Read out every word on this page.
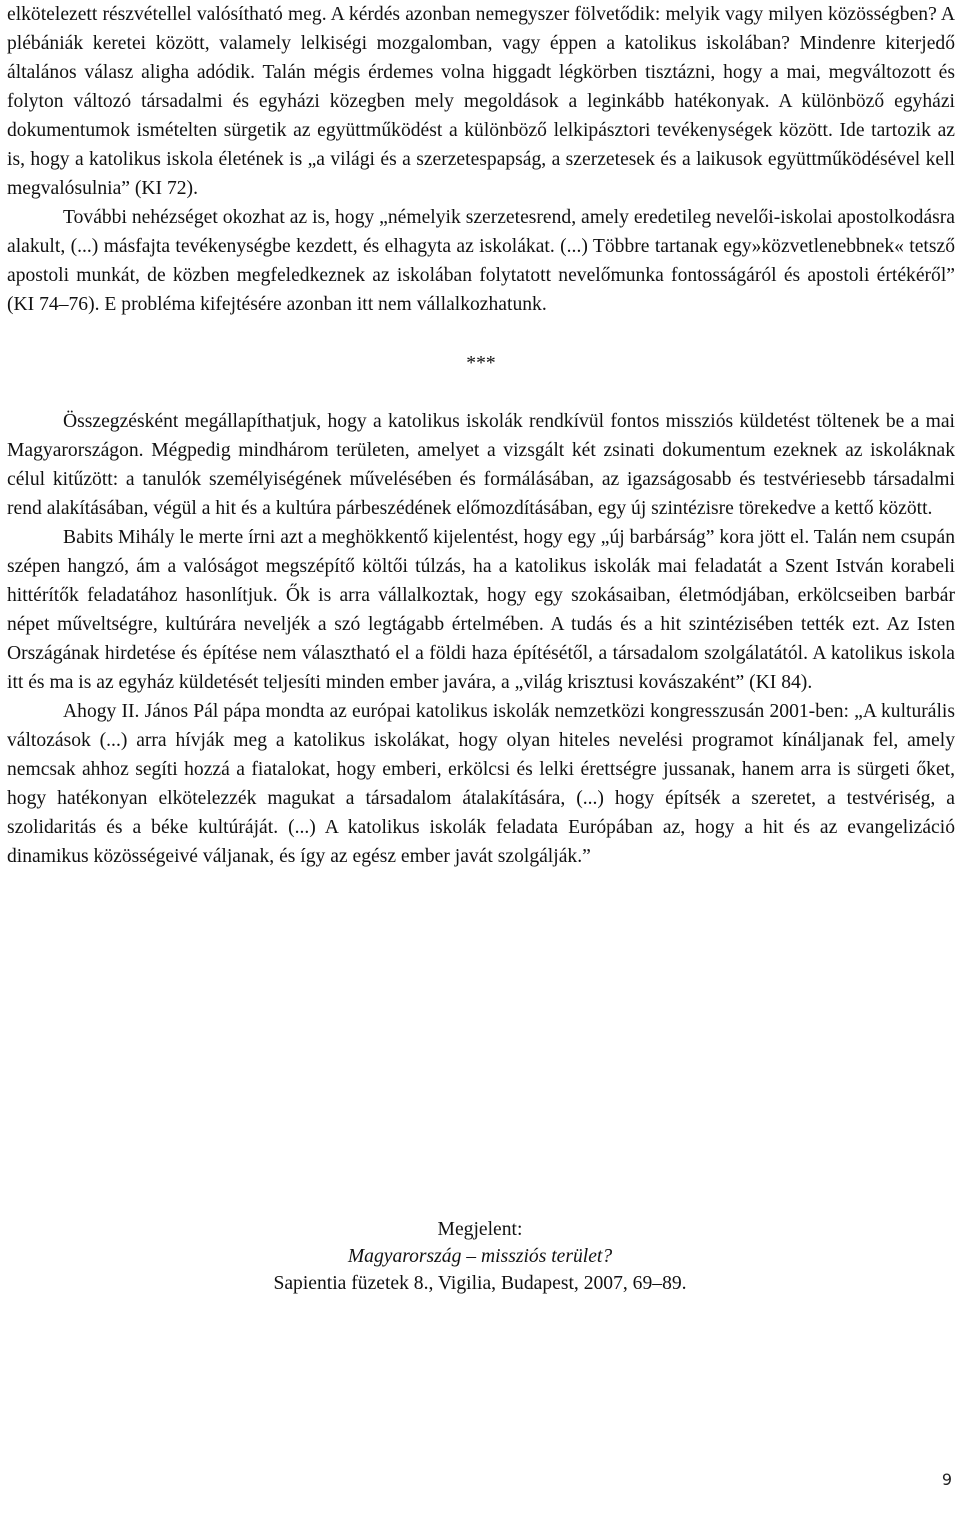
elkötelezett részvétellel valósítható meg. A kérdés azonban nemegyszer fölvetődik: melyik vagy milyen közösségben? A plébániák keretei között, valamely lelkiségi mozgalomban, vagy éppen a katolikus iskolában? Mindenre kiterjedő általános válasz aligha adódik. Talán mégis érdemes volna higgadt légkörben tisztázni, hogy a mai, megváltozott és folyton változó társadalmi és egyházi közegben mely megoldások a leginkább hatékonyak. A különböző egyházi dokumentumok ismételten sürgetik az együttműködést a különböző lelkipásztori tevékenységek között. Ide tartozik az is, hogy a katolikus iskola életének is „a világi és a szerzetespapság, a szerzetesek és a laikusok együttműködésével kell megvalósulnia” (KI 72).

További nehézséget okozhat az is, hogy „némelyik szerzetesrend, amely eredetileg nevelői-iskolai apostolkodásra alakult, (...) másfajta tevékenységbe kezdett, és elhagyta az iskolákat. (...) Többre tartanak egy»közvetlenebbnek« tetsző apostoli munkát, de közben megfeledkeznek az iskolában folytatott nevelőmunka fontosságáról és apostoli értékéről” (KI 74–76). E probléma kifejtésére azonban itt nem vállalkozhatunk.

***

Összegzésként megállapíthatjuk, hogy a katolikus iskolák rendkívül fontos missziós küldetést töltenek be a mai Magyarországon. Mégpedig mindhárom területen, amelyet a vizsgált két zsinati dokumentum ezeknek az iskoláknak célul kitűzött: a tanulók személyiségének művelésében és formálásában, az igazságosabb és testvériesebb társadalmi rend alakításában, végül a hit és a kultúra párbeszédének előmozdításában, egy új szintézisre törekedve a kettő között.

Babits Mihály le merte írni azt a meghökkentő kijelentést, hogy egy „új barbárság” kora jött el. Talán nem csupán szépen hangzó, ám a valóságot megszépítő költői túlzás, ha a katolikus iskolák mai feladatát a Szent István korabeli hittérítők feladatához hasonlítjuk. Ők is arra vállalkoztak, hogy egy szokásaiban, életmódjában, erkölcseiben barbár népet műveltségre, kultúrára neveljék a szó legtágabb értelmében. A tudás és a hit szintézisében tették ezt. Az Isten Országának hirdetése és építése nem választható el a földi haza építésétől, a társadalom szolgálatától. A katolikus iskola itt és ma is az egyház küldetését teljesíti minden ember javára, a „világ krisztusi kovászaként” (KI 84).

Ahogy II. János Pál pápa mondta az európai katolikus iskolák nemzetközi kongresszusán 2001-ben: „A kulturális változások (...) arra hívják meg a katolikus iskolákat, hogy olyan hiteles nevelési programot kínáljanak fel, amely nemcsak ahhoz segíti hozzá a fiatalokat, hogy emberi, erkölcsi és lelki érettségre jussanak, hanem arra is sürgeti őket, hogy hatékonyan elkötelezzék magukat a társadalom átalakítására, (...) hogy építsék a szeretet, a testvériség, a szolidaritás és a béke kultúráját. (...) A katolikus iskolák feladata Európában az, hogy a hit és az evangelizáció dinamikus közösségeivé váljanak, és így az egész ember javát szolgálják.”

Megjelent:
Magyarország – missziós terület?
Sapientia füzetek 8., Vigilia, Budapest, 2007, 69–89.
9
